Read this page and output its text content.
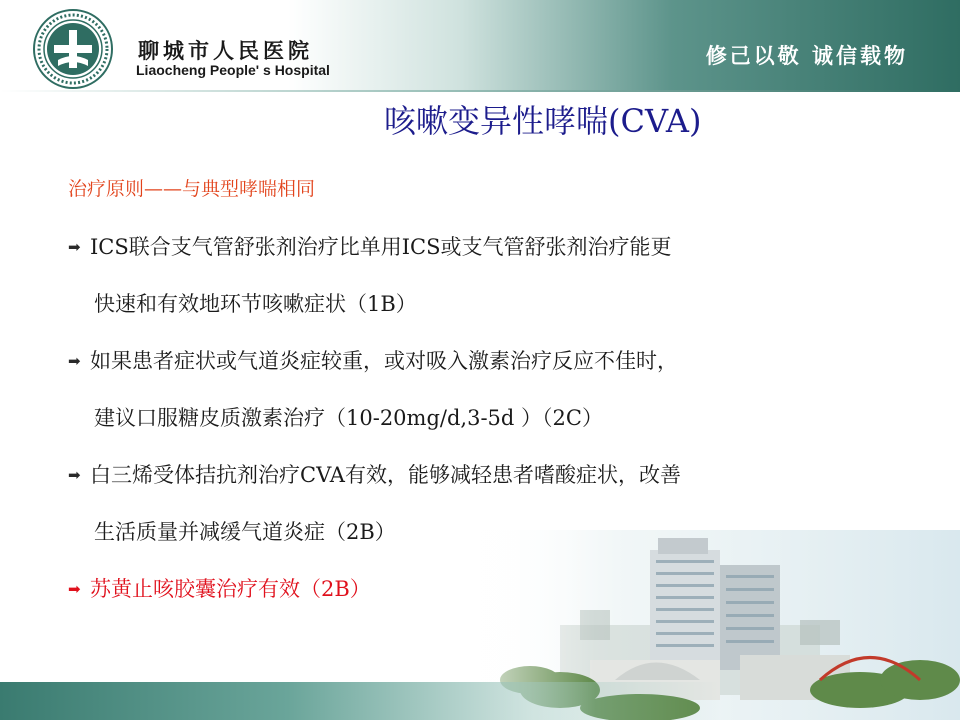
聊城市人民医院
Liaocheng People' s Hospital
修己以敬 诚信载物
咳嗽变异性哮喘(CVA)
治疗原则——与典型哮喘相同
➡ ICS联合支气管舒张剂治疗比单用ICS或支气管舒张剂治疗能更
快速和有效地环节咳嗽症状（1B）
➡ 如果患者症状或气道炎症较重，或对吸入激素治疗反应不佳时，
建议口服糖皮质激素治疗（10-20mg/d,3-5d ）（2C）
➡ 白三烯受体拮抗剂治疗CVA有效，能够减轻患者嗜酸症状，改善
生活质量并减缓气道炎症（2B）
➡ 苏黄止咳胶囊治疗有效（2B）
